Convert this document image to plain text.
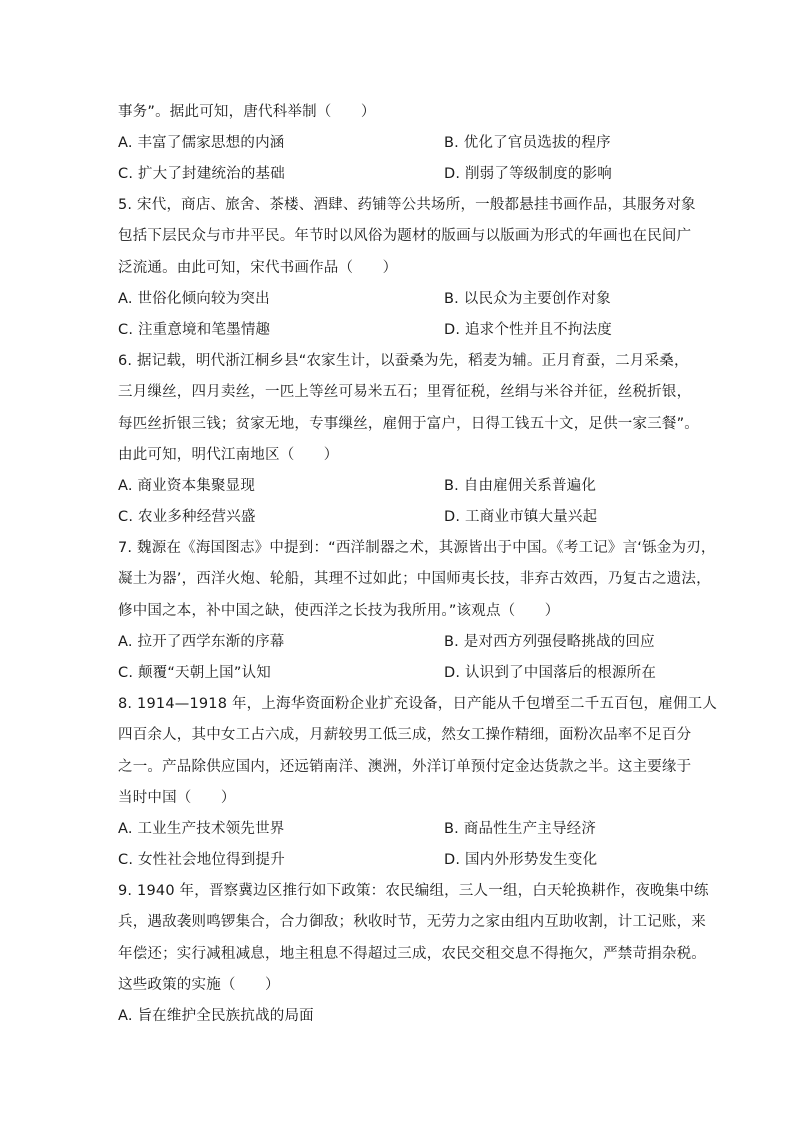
事务”。据此可知，唐代科举制（　　）
A. 丰富了儒家思想的内涵	B. 优化了官员选拔的程序
C. 扩大了封建统治的基础	D. 削弱了等级制度的影响
5. 宋代，商店、旅舍、茶楼、酒肆、药铺等公共场所，一般都悬挂书画作品，其服务对象
包括下层民众与市井平民。年节时以风俗为题材的版画与以版画为形式的年画也在民间广
泛流通。由此可知，宋代书画作品（　　）
A. 世俗化倾向较为突出	B. 以民众为主要创作对象
C. 注重意境和笔墨情趣	D. 追求个性并且不拘法度
6. 据记载，明代浙江桐乡县“农家生计，以蚕桑为先，稻麦为辅。正月育蚕，二月采桑，
三月缫丝，四月卖丝，一匹上等丝可易米五石；里胥征税，丝绢与米谷并征，丝税折银，
每匹丝折银三钱；贫家无地，专事缫丝，雇佣于富户，日得工钱五十文，足供一家三餐”。
由此可知，明代江南地区（　　）
A. 商业资本集聚显现	B. 自由雇佣关系普遍化
C. 农业多种经营兴盛	D. 工商业市镇大量兴起
7. 魏源在《海国图志》中提到：“西洋制器之术，其源皆出于中国。《考工记》言‘铄金为刃，
凝土为器’，西洋火炮、轮船，其理不过如此；中国师夷长技，非弃古效西，乃复古之遗法，
修中国之本，补中国之缺，使西洋之长技为我所用。”该观点（　　）
A. 拉开了西学东渐的序幕	B. 是对西方列强侵略挑战的回应
C. 颠覆“天朝上国”认知	D. 认识到了中国落后的根源所在
8. 1914—1918 年，上海华资面粉企业扩充设备，日产能从千包增至二千五百包，雇佣工人
四百余人，其中女工占六成，月薪较男工低三成，然女工操作精细，面粉次品率不足百分
之一。产品除供应国内，还远销南洋、澳洲，外洋订单预付定金达货款之半。这主要缘于
当时中国（　　）
A. 工业生产技术领先世界	B. 商品性生产主导经济
C. 女性社会地位得到提升	D. 国内外形势发生变化
9. 1940 年，晋察冀边区推行如下政策：农民编组，三人一组，白天轮换耕作，夜晚集中练
兵，遇敌袭则鸣锣集合，合力御敌；秋收时节，无劳力之家由组内互助收割，计工记账，来
年偿还；实行减租减息，地主租息不得超过三成，农民交租交息不得拖欠，严禁苛捐杂税。
这些政策的实施（　　）
A. 旨在维护全民族抗战的局面
